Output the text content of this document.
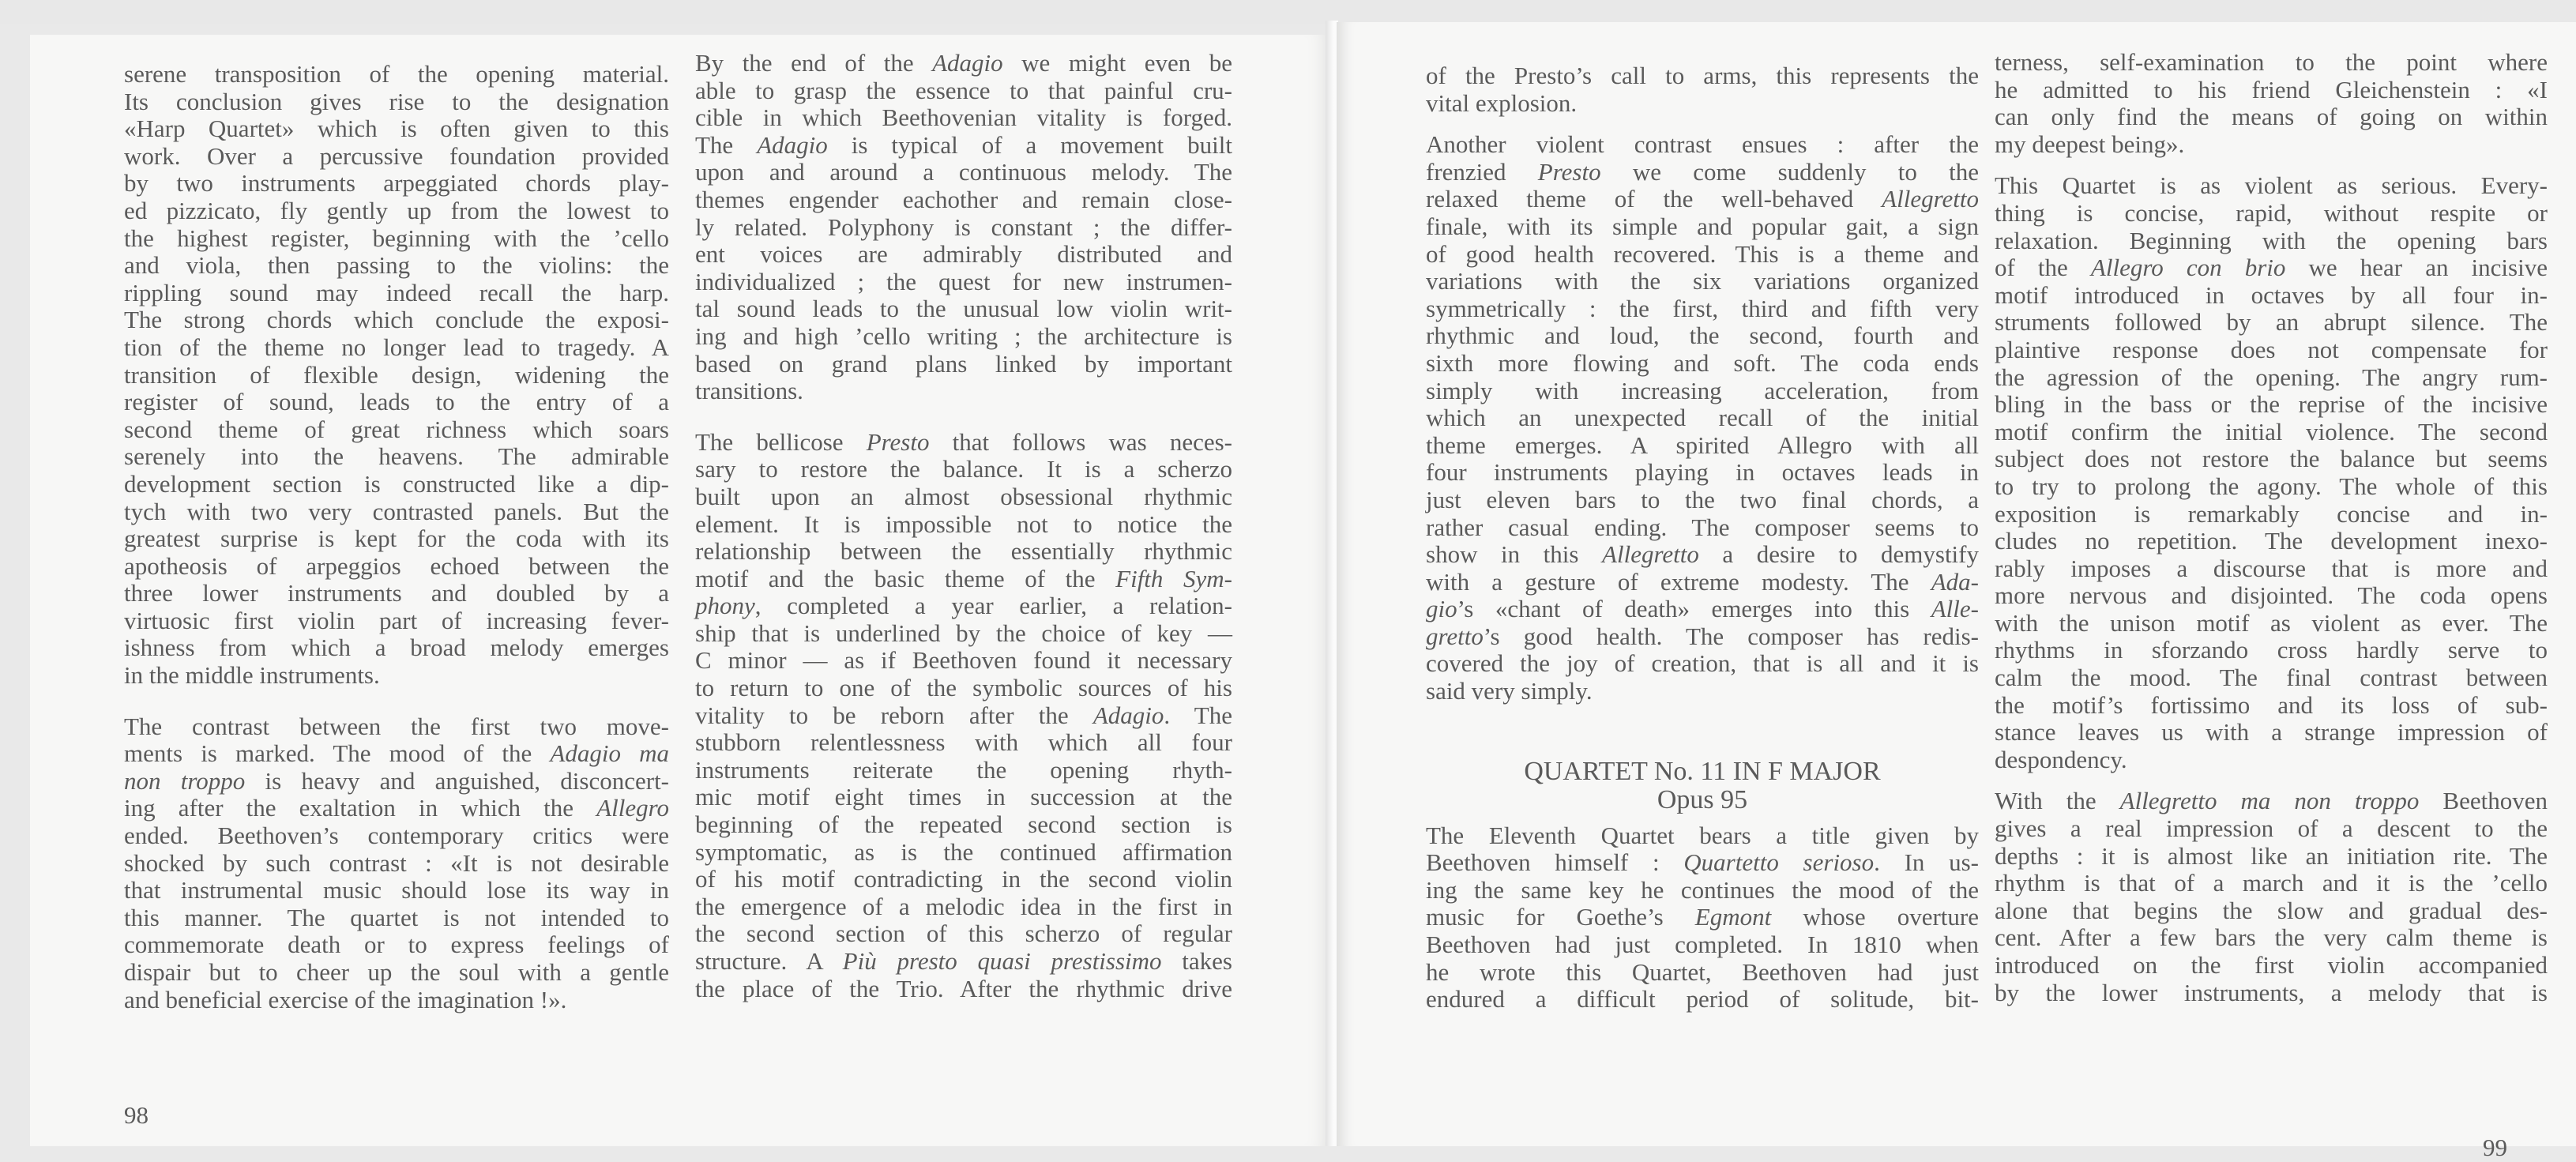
serene transposition of the opening material.
Its conclusion gives rise to the designation
«Harp Quartet» which is often given to this
work. Over a percussive foundation provided
by two instruments arpeggiated chords play-
ed pizzicato, fly gently up from the lowest to
the highest register, beginning with the ’cello
and viola, then passing to the violins: the
rippling sound may indeed recall the harp.
The strong chords which conclude the exposi-
tion of the theme no longer lead to tragedy. A
transition of flexible design, widening the
register of sound, leads to the entry of a
second theme of great richness which soars
serenely into the heavens. The admirable
development section is constructed like a dip-
tych with two very contrasted panels. But the
greatest surprise is kept for the coda with its
apotheosis of arpeggios echoed between the
three lower instruments and doubled by a
virtuosic first violin part of increasing fever-
ishness from which a broad melody emerges
in the middle instruments.
The contrast between the first two move-
ments is marked. The mood of the Adagio ma
non troppo is heavy and anguished, disconcert-
ing after the exaltation in which the Allegro
ended. Beethoven’s contemporary critics were
shocked by such contrast : «It is not desirable
that instrumental music should lose its way in
this manner. The quartet is not intended to
commemorate death or to express feelings of
dispair but to cheer up the soul with a gentle
and beneficial exercise of the imagination !».
By the end of the Adagio we might even be
able to grasp the essence to that painful cru-
cible in which Beethovenian vitality is forged.
The Adagio is typical of a movement built
upon and around a continuous melody. The
themes engender eachother and remain close-
ly related. Polyphony is constant ; the differ-
ent voices are admirably distributed and
individualized ; the quest for new instrumen-
tal sound leads to the unusual low violin writ-
ing and high ’cello writing ; the architecture is
based on grand plans linked by important
transitions.
The bellicose Presto that follows was neces-
sary to restore the balance. It is a scherzo
built upon an almost obsessional rhythmic
element. It is impossible not to notice the
relationship between the essentially rhythmic
motif and the basic theme of the Fifth Sym-
phony, completed a year earlier, a relation-
ship that is underlined by the choice of key —
C minor — as if Beethoven found it necessary
to return to one of the symbolic sources of his
vitality to be reborn after the Adagio. The
stubborn relentlessness with which all four
instruments reiterate the opening rhyth-
mic motif eight times in succession at the
beginning of the repeated second section is
symptomatic, as is the continued affirmation
of his motif contradicting in the second violin
the emergence of a melodic idea in the first in
the second section of this scherzo of regular
structure. A Più presto quasi prestissimo takes
the place of the Trio. After the rhythmic drive
98
of the Presto’s call to arms, this represents the
vital explosion.
Another violent contrast ensues : after the
frenzied Presto we come suddenly to the
relaxed theme of the well-behaved Allegretto
finale, with its simple and popular gait, a sign
of good health recovered. This is a theme and
variations with the six variations organized
symmetrically : the first, third and fifth very
rhythmic and loud, the second, fourth and
sixth more flowing and soft. The coda ends
simply with increasing acceleration, from
which an unexpected recall of the initial
theme emerges. A spirited Allegro with all
four instruments playing in octaves leads in
just eleven bars to the two final chords, a
rather casual ending. The composer seems to
show in this Allegretto a desire to demystify
with a gesture of extreme modesty. The Ada-
gio’s «chant of death» emerges into this Alle-
gretto’s good health. The composer has redis-
covered the joy of creation, that is all and it is
said very simply.
QUARTET No. 11 IN F MAJOR
Opus 95
The Eleventh Quartet bears a title given by
Beethoven himself : Quartetto serioso. In us-
ing the same key he continues the mood of the
music for Goethe’s Egmont whose overture
Beethoven had just completed. In 1810 when
he wrote this Quartet, Beethoven had just
endured a difficult period of solitude, bit-
terness, self-examination to the point where
he admitted to his friend Gleichenstein : «I
can only find the means of going on within
my deepest being».
This Quartet is as violent as serious. Every-
thing is concise, rapid, without respite or
relaxation. Beginning with the opening bars
of the Allegro con brio we hear an incisive
motif introduced in octaves by all four in-
struments followed by an abrupt silence. The
plaintive response does not compensate for
the agression of the opening. The angry rum-
bling in the bass or the reprise of the incisive
motif confirm the initial violence. The second
subject does not restore the balance but seems
to try to prolong the agony. The whole of this
exposition is remarkably concise and in-
cludes no repetition. The development inexo-
rably imposes a discourse that is more and
more nervous and disjointed. The coda opens
with the unison motif as violent as ever. The
rhythms in sforzando cross hardly serve to
calm the mood. The final contrast between
the motif’s fortissimo and its loss of sub-
stance leaves us with a strange impression of
despondency.
With the Allegretto ma non troppo Beethoven
gives a real impression of a descent to the
depths : it is almost like an initiation rite. The
rhythm is that of a march and it is the ’cello
alone that begins the slow and gradual des-
cent. After a few bars the very calm theme is
introduced on the first violin accompanied
by the lower instruments, a melody that is
99
